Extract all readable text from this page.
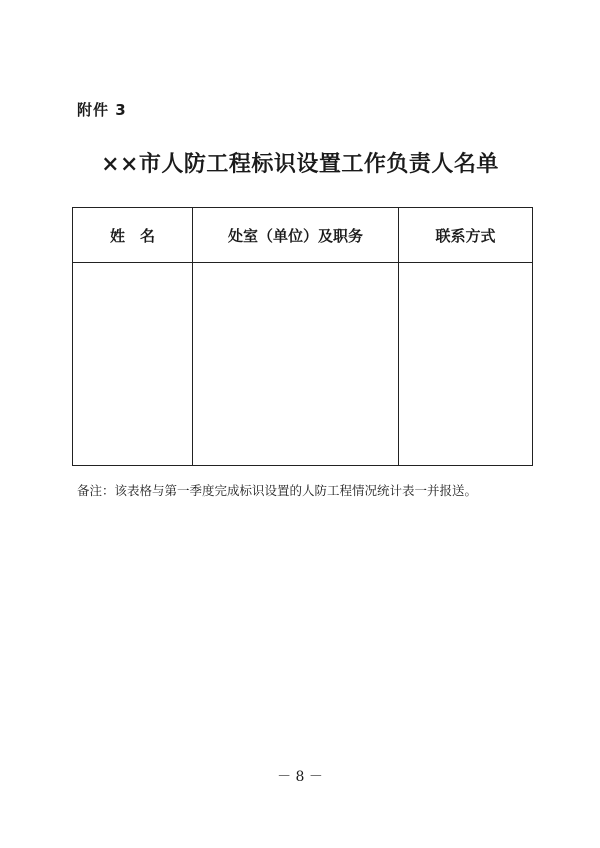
附件 3
××市人防工程标识设置工作负责人名单
姓　名	处室（单位）及职务	联系方式
备注：该表格与第一季度完成标识设置的人防工程情况统计表一并报送。
－ 8 －
